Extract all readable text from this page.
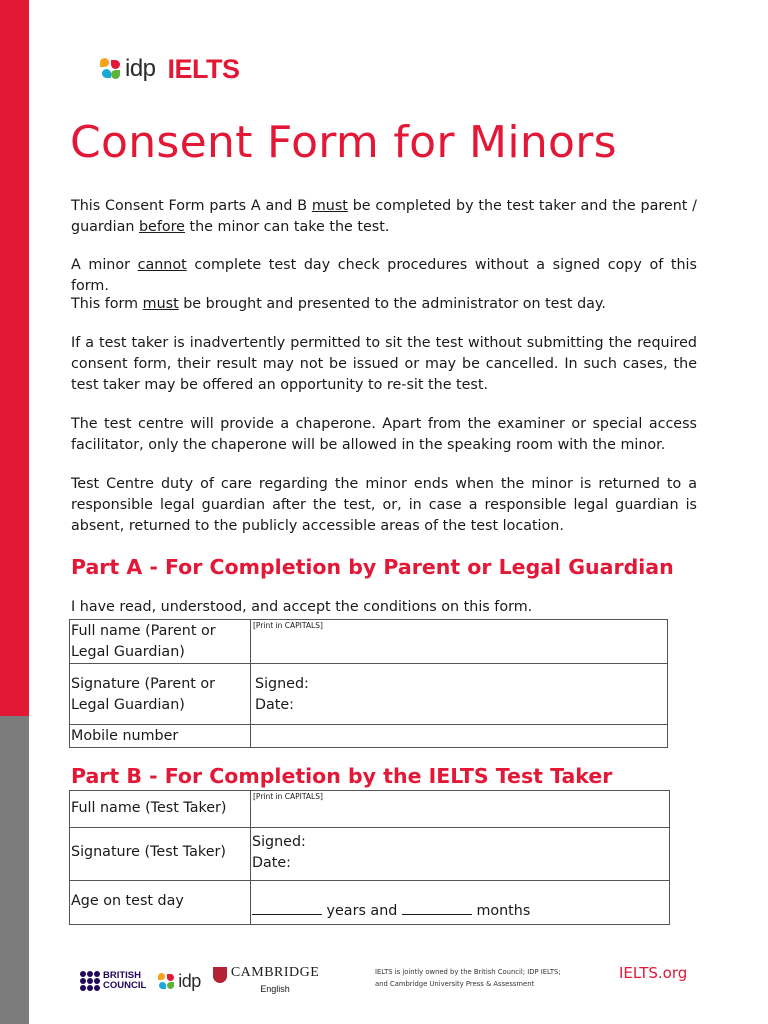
idp IELTS
Consent Form for Minors

This Consent Form parts A and B must be completed by the test taker and the parent / guardian before the minor can take the test.

A minor cannot complete test day check procedures without a signed copy of this form.

This form must be brought and presented to the administrator on test day.

If a test taker is inadvertently permitted to sit the test without submitting the required consent form, their result may not be issued or may be cancelled. In such cases, the test taker may be offered an opportunity to re-sit the test.

The test centre will provide a chaperone. Apart from the examiner or special access facilitator, only the chaperone will be allowed in the speaking room with the minor.

Test Centre duty of care regarding the minor ends when the minor is returned to a responsible legal guardian after the test, or, in case a responsible legal guardian is absent, returned to the publicly accessible areas of the test location.

Part A - For Completion by Parent or Legal Guardian
I have read, understood, and accept the conditions on this form.
Full name (Parent or Legal Guardian)	[Print in CAPITALS]

Signature (Parent or Legal Guardian)	Signed:
Date:

Mobile number	
Part B - For Completion by the IELTS Test Taker
Full name (Test Taker)	[Print in CAPITALS]

Signature (Test Taker)	Signed:
Date:

Age on test day	years and months
BRITISH
COUNCIL idp CAMBRIDGE
English
IELTS is jointly owned by the British Council; IDP IELTS; and Cambridge University Press & Assessment
IELTS.org
